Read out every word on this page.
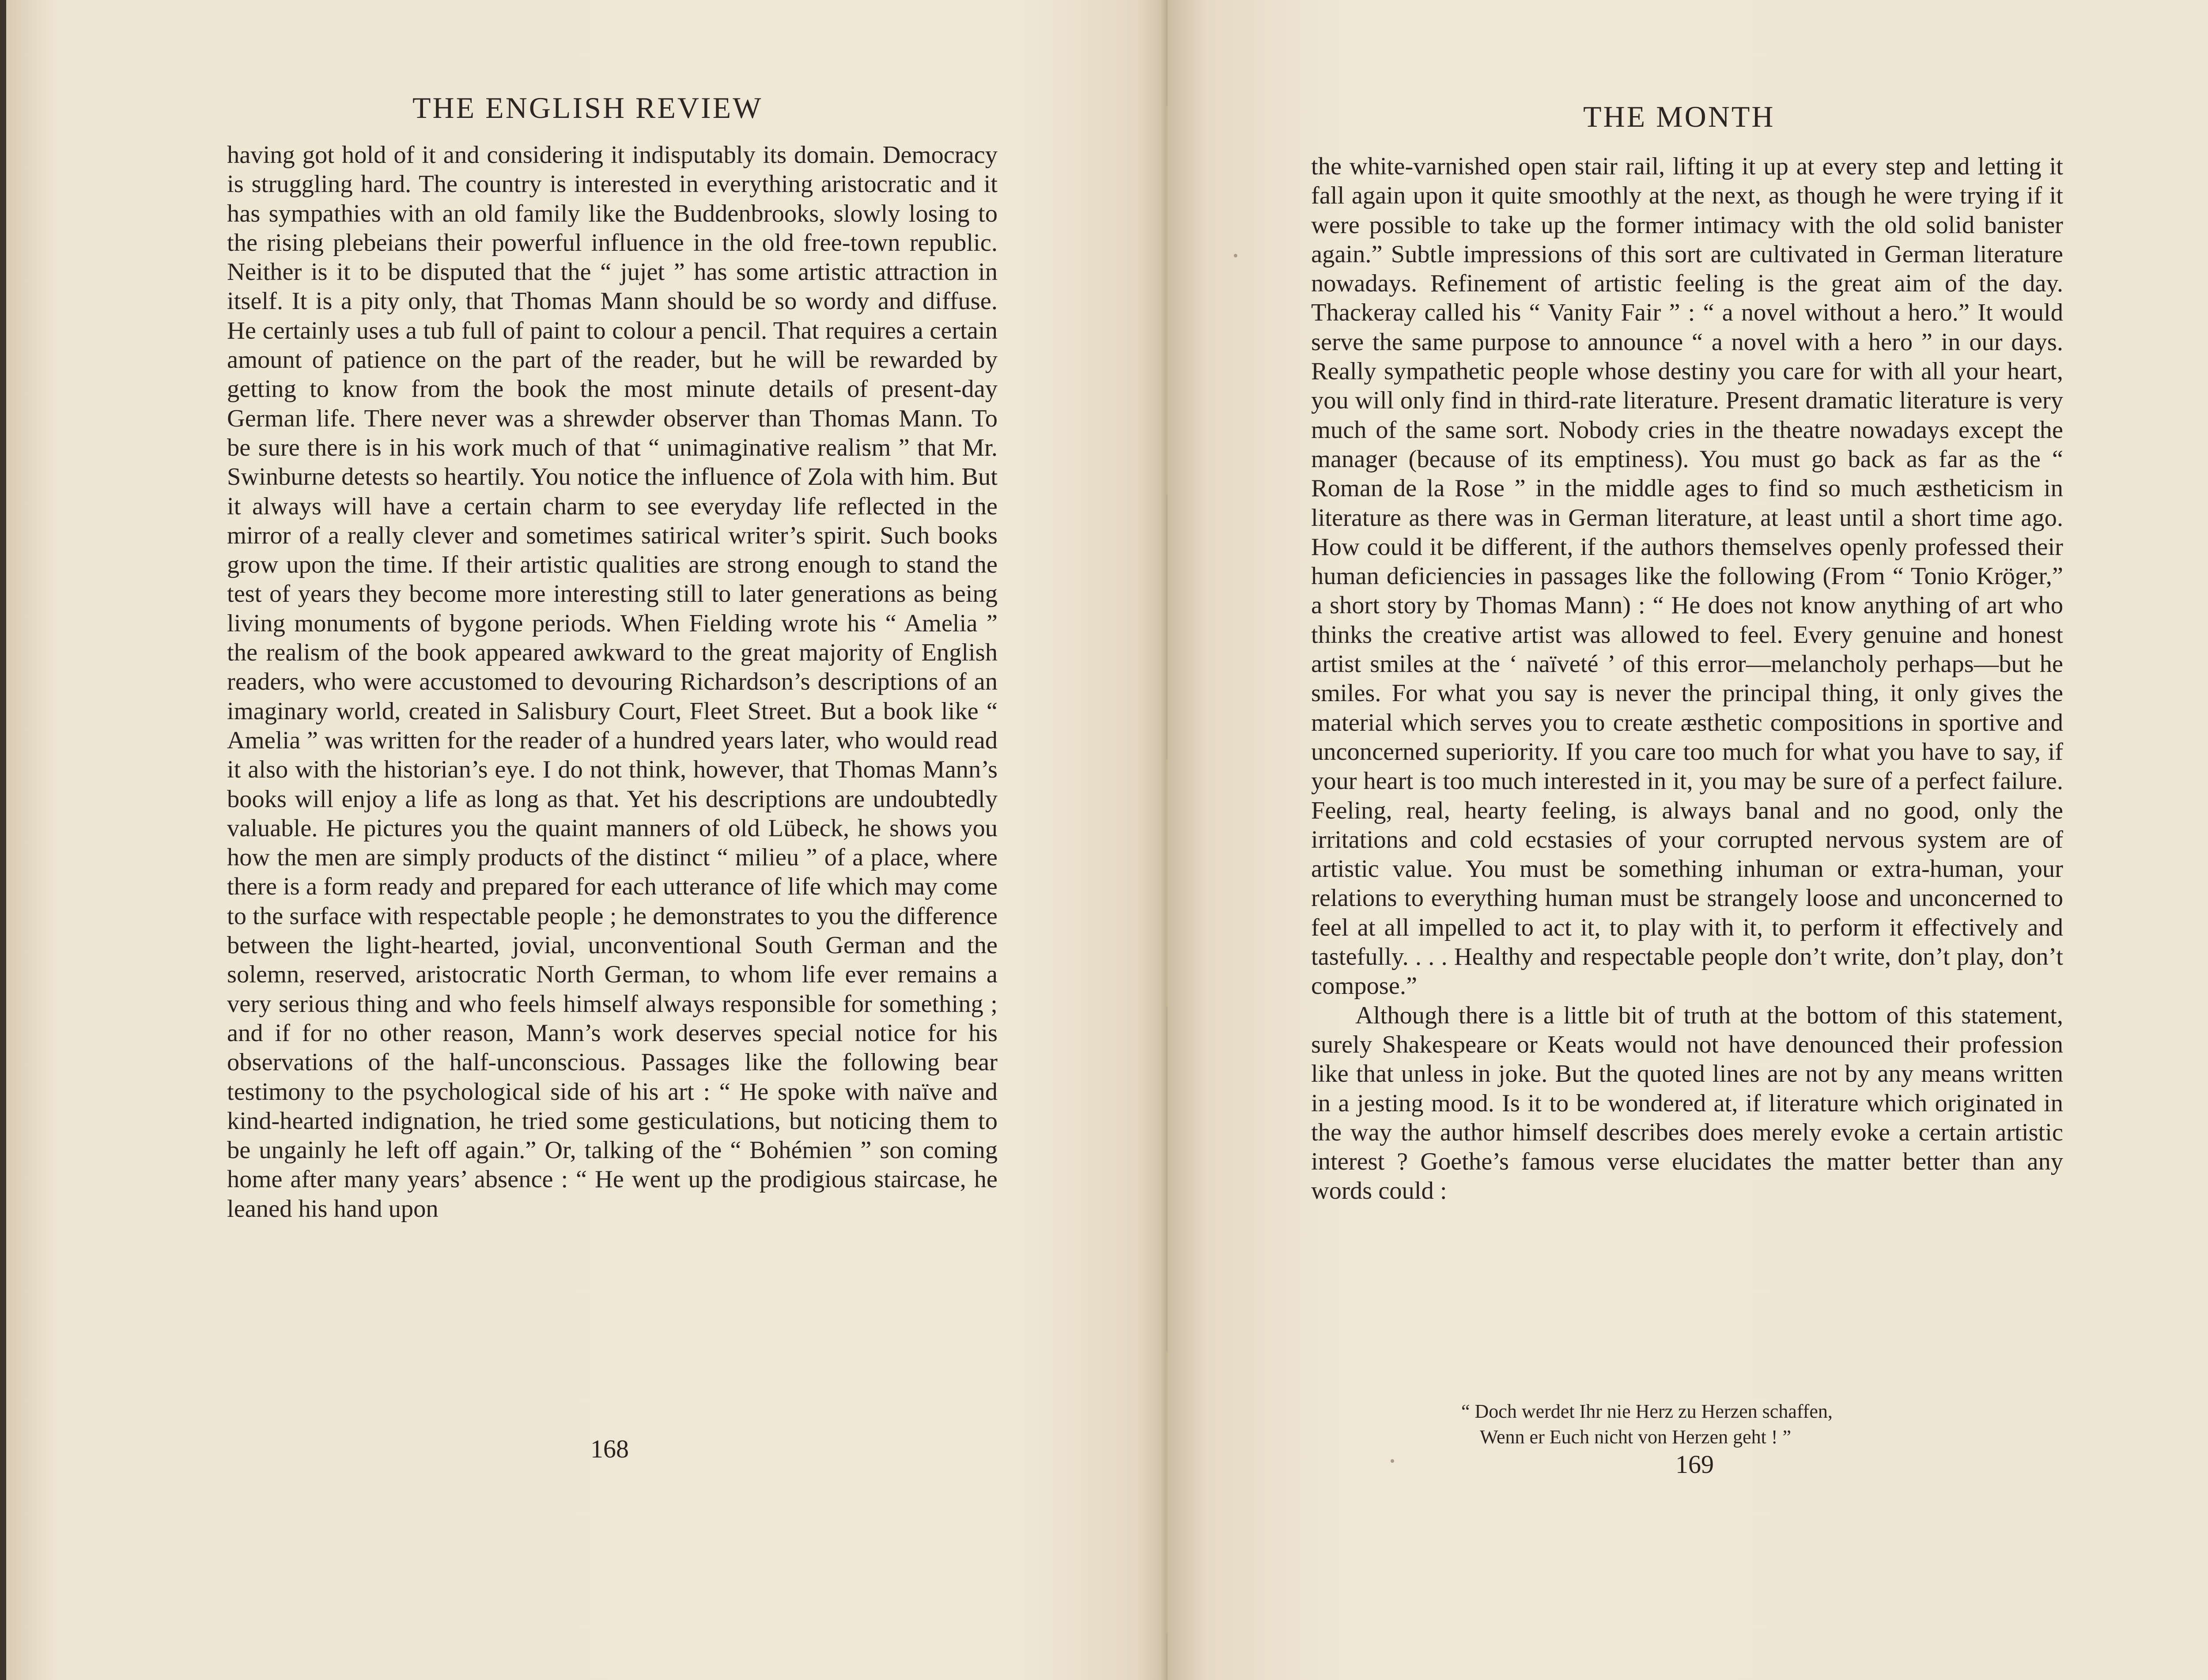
THE ENGLISH REVIEW

having got hold of it and considering it indisputably its domain. Democracy is struggling hard. The country is interested in everything aristocratic and it has sympathies with an old family like the Buddenbrooks, slowly losing to the rising plebeians their powerful influence in the old free-town republic. Neither is it to be disputed that the “ jujet ” has some artistic attraction in itself. It is a pity only, that Thomas Mann should be so wordy and diffuse. He certainly uses a tub full of paint to colour a pencil. That requires a certain amount of patience on the part of the reader, but he will be rewarded by getting to know from the book the most minute details of present-day German life. There never was a shrewder observer than Thomas Mann. To be sure there is in his work much of that “ unimaginative realism ” that Mr. Swinburne detests so heartily. You notice the influence of Zola with him. But it always will have a certain charm to see everyday life reflected in the mirror of a really clever and sometimes satirical writer’s spirit. Such books grow upon the time. If their artistic qualities are strong enough to stand the test of years they become more interesting still to later generations as being living monuments of bygone periods. When Fielding wrote his “ Amelia ” the realism of the book appeared awkward to the great majority of English readers, who were accustomed to devouring Richardson’s descriptions of an imaginary world, created in Salisbury Court, Fleet Street. But a book like “ Amelia ” was written for the reader of a hundred years later, who would read it also with the historian’s eye. I do not think, however, that Thomas Mann’s books will enjoy a life as long as that. Yet his descriptions are undoubtedly valuable. He pictures you the quaint manners of old Lübeck, he shows you how the men are simply products of the distinct “ milieu ” of a place, where there is a form ready and prepared for each utterance of life which may come to the surface with respectable people ; he demonstrates to you the difference between the light-hearted, jovial, unconventional South German and the solemn, reserved, aristocratic North German, to whom life ever remains a very serious thing and who feels himself always responsible for something ; and if for no other reason, Mann’s work deserves special notice for his observations of the half-unconscious. Passages like the following bear testimony to the psychological side of his art : “ He spoke with naïve and kind-hearted indignation, he tried some gesticulations, but noticing them to be ungainly he left off again.” Or, talking of the “ Bohémien ” son coming home after many years’ absence : “ He went up the prodigious staircase, he leaned his hand upon

168
THE MONTH

the white-varnished open stair rail, lifting it up at every step and letting it fall again upon it quite smoothly at the next, as though he were trying if it were possible to take up the former intimacy with the old solid banister again.” Subtle impressions of this sort are cultivated in German literature nowadays. Refinement of artistic feeling is the great aim of the day. Thackeray called his “ Vanity Fair ” : “ a novel without a hero.” It would serve the same purpose to announce “ a novel with a hero ” in our days. Really sympathetic people whose destiny you care for with all your heart, you will only find in third-rate literature. Present dramatic literature is very much of the same sort. Nobody cries in the theatre nowadays except the manager (because of its emptiness). You must go back as far as the “ Roman de la Rose ” in the middle ages to find so much æstheticism in literature as there was in German literature, at least until a short time ago. How could it be different, if the authors themselves openly professed their human deficiencies in passages like the following (From “ Tonio Kröger,” a short story by Thomas Mann) : “ He does not know anything of art who thinks the creative artist was allowed to feel. Every genuine and honest artist smiles at the ‘ naïveté ’ of this error—melancholy perhaps—but he smiles. For what you say is never the principal thing, it only gives the material which serves you to create æsthetic compositions in sportive and unconcerned superiority. If you care too much for what you have to say, if your heart is too much interested in it, you may be sure of a perfect failure. Feeling, real, hearty feeling, is always banal and no good, only the irritations and cold ecstasies of your corrupted nervous system are of artistic value. You must be something inhuman or extra-human, your relations to everything human must be strangely loose and unconcerned to feel at all impelled to act it, to play with it, to perform it effectively and tastefully. . . . Healthy and respectable people don’t write, don’t play, don’t compose.”

Although there is a little bit of truth at the bottom of this statement, surely Shakespeare or Keats would not have denounced their profession like that unless in joke. But the quoted lines are not by any means written in a jesting mood. Is it to be wondered at, if literature which originated in the way the author himself describes does merely evoke a certain artistic interest ? Goethe’s famous verse elucidates the matter better than any words could :

“ Doch werdet Ihr nie Herz zu Herzen schaffen,
Wenn er Euch nicht von Herzen geht ! ”
169
